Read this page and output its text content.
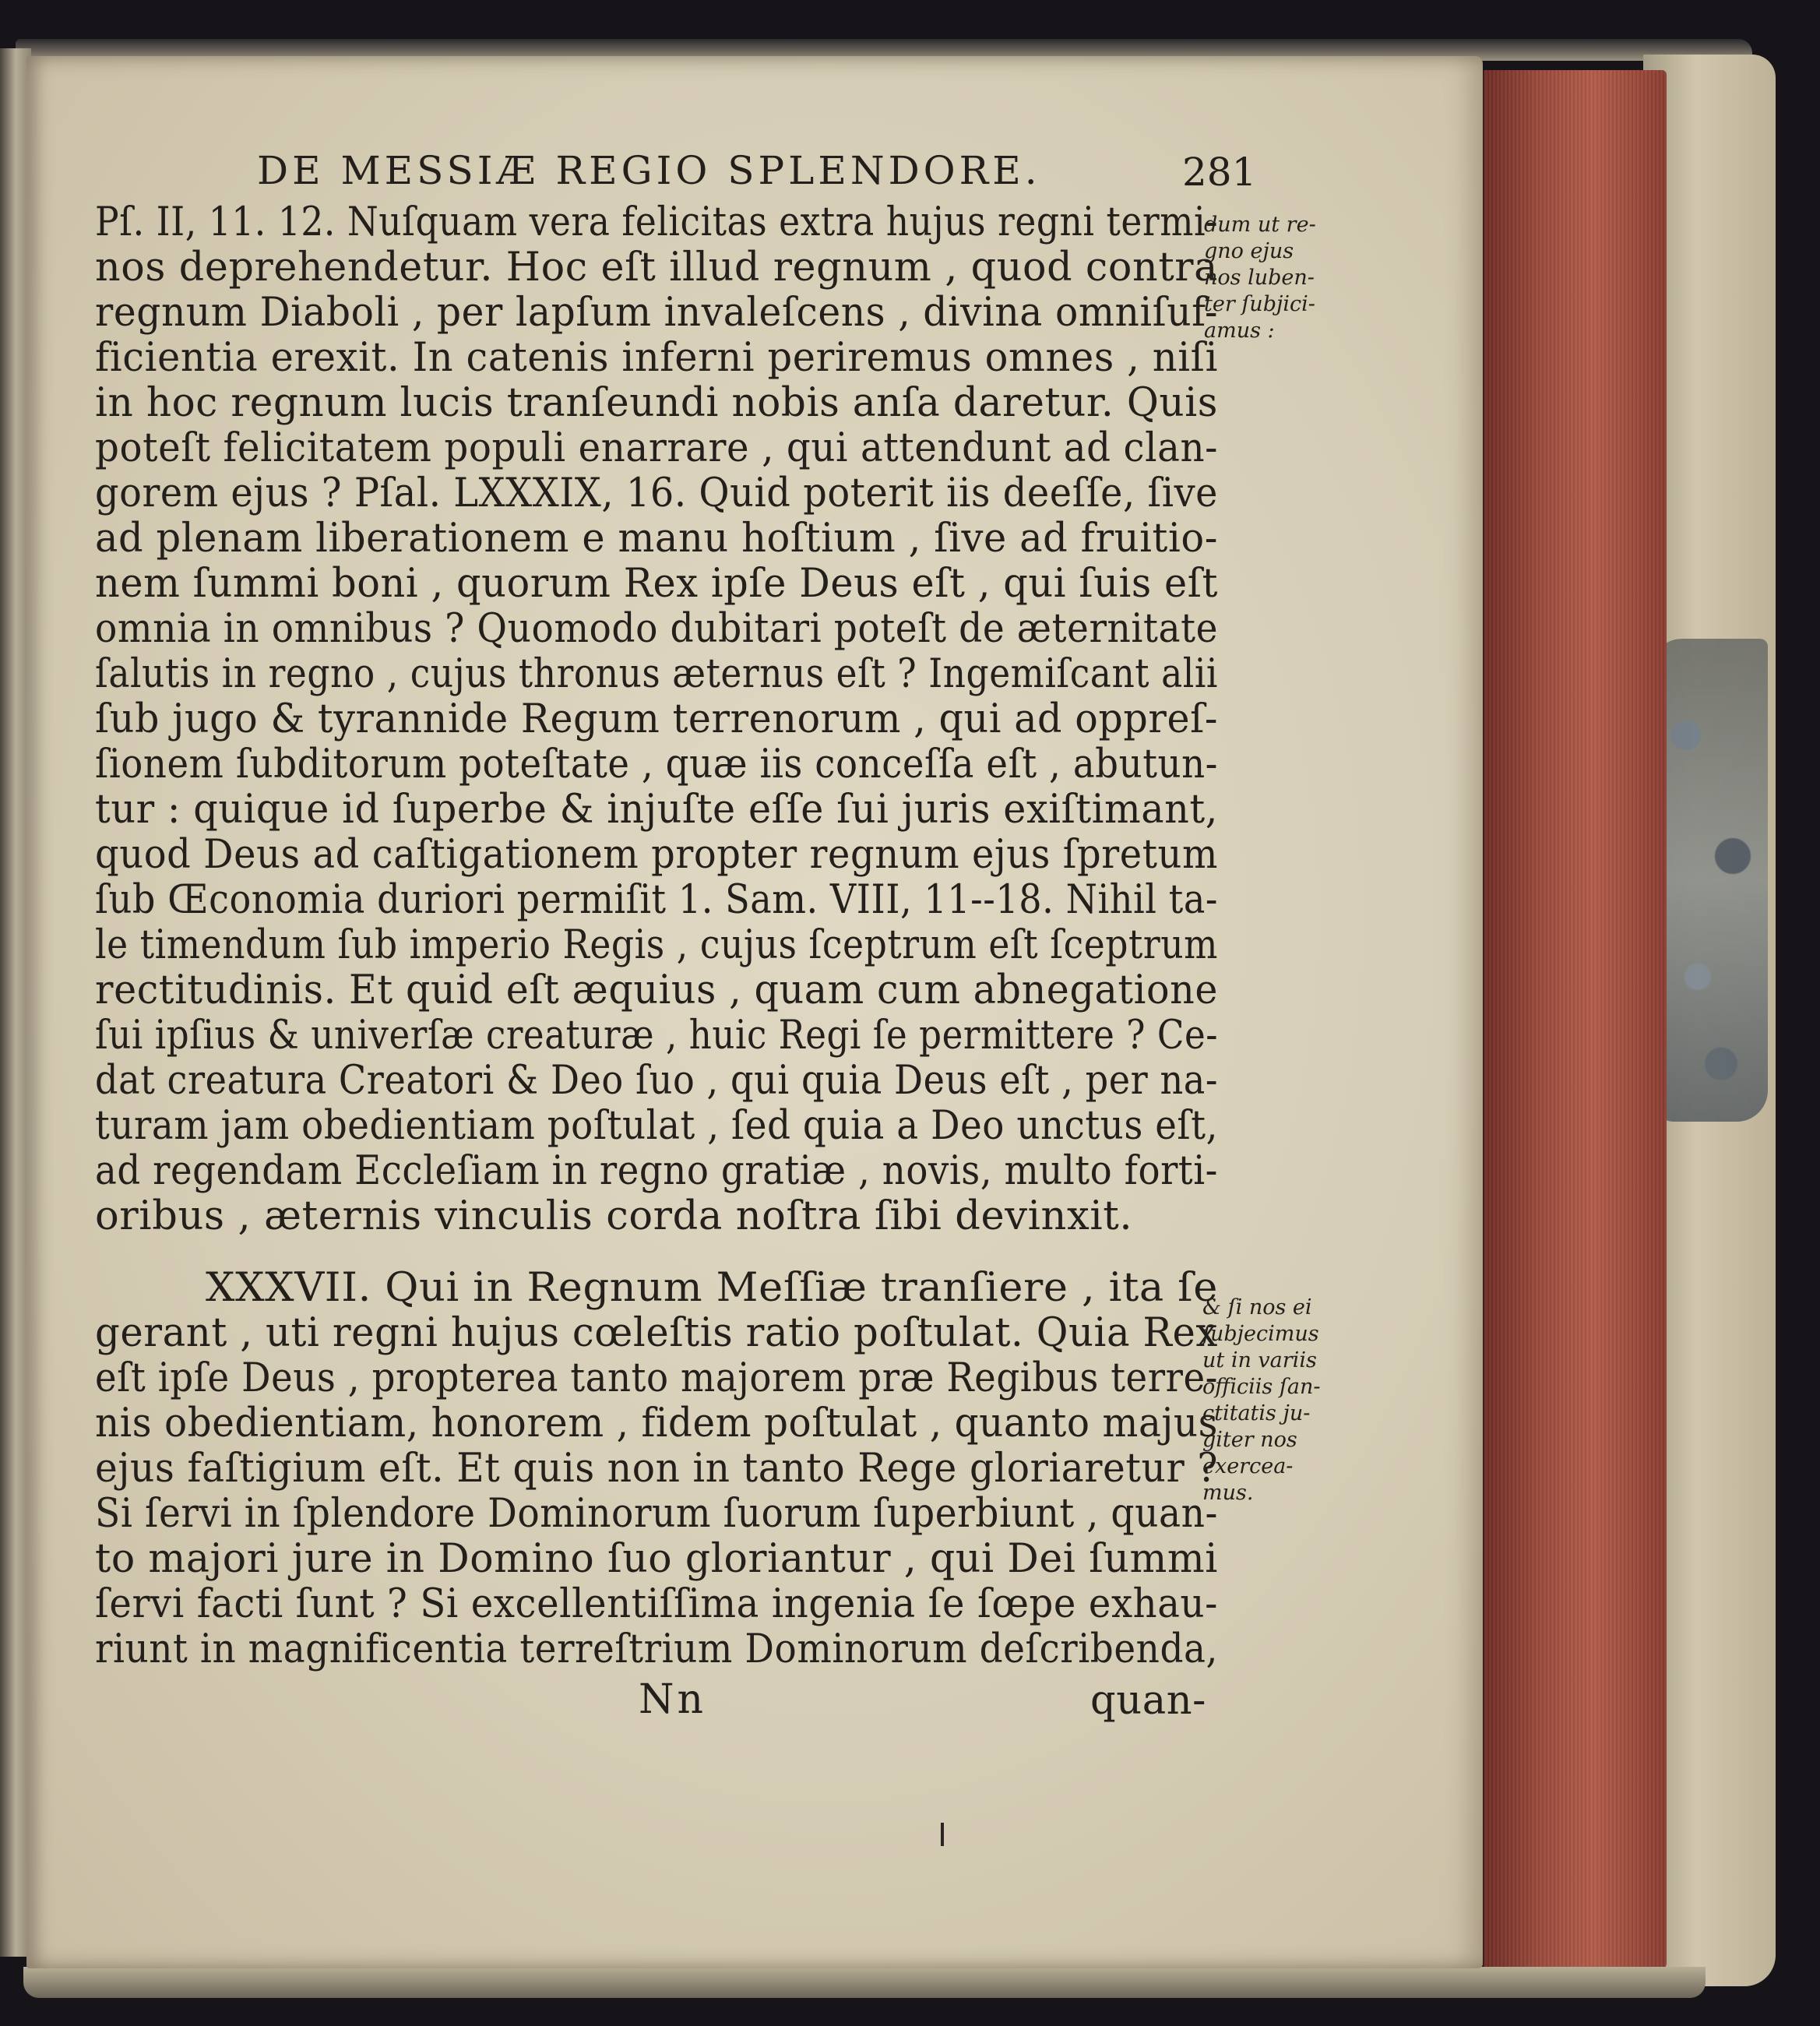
DE MESSIÆ REGIO SPLENDORE.	281
Pſ. II, 11. 12. Nuſquam vera felicitas extra hujus regni termi-
nos deprehendetur. Hoc eſt illud regnum , quod contra
regnum Diaboli , per lapſum invaleſcens , divina omniſuf-
ficientia erexit. In catenis inferni periremus omnes , niſi
in hoc regnum lucis tranſeundi nobis anſa daretur. Quis
poteſt felicitatem populi enarrare , qui attendunt ad clan-
gorem ejus ? Pſal. LXXXIX, 16. Quid poterit iis deeſſe, ſive
ad plenam liberationem e manu hoſtium , ſive ad fruitio-
nem ſummi boni , quorum Rex ipſe Deus eſt , qui ſuis eſt
omnia in omnibus ? Quomodo dubitari poteſt de æternitate
ſalutis in regno , cujus thronus æternus eſt ? Ingemiſcant alii
ſub jugo & tyrannide Regum terrenorum , qui ad oppreſ-
ſionem ſubditorum poteſtate , quæ iis conceſſa eſt , abutun-
tur : quique id ſuperbe & injuſte eſſe ſui juris exiſtimant,
quod Deus ad caſtigationem propter regnum ejus ſpretum
ſub Œconomia duriori permiſit 1. Sam. VIII, 11--18. Nihil ta-
le timendum ſub imperio Regis , cujus ſceptrum eſt ſceptrum
rectitudinis. Et quid eſt æquius , quam cum abnegatione
ſui ipſius & univerſæ creaturæ , huic Regi ſe permittere ? Ce-
dat creatura Creatori & Deo ſuo , qui quia Deus eſt , per na-
turam jam obedientiam poſtulat , ſed quia a Deo unctus eſt,
ad regendam Eccleſiam in regno gratiæ , novis, multo forti-
oribus , æternis vinculis corda noſtra ſibi devinxit.
XXXVII. Qui in Regnum Meſſiæ tranſiere , ita ſe
gerant , uti regni hujus cœleſtis ratio poſtulat. Quia Rex
eſt ipſe Deus , propterea tanto majorem præ Regibus terre-
nis obedientiam, honorem , fidem poſtulat , quanto majus
ejus faſtigium eſt. Et quis non in tanto Rege gloriaretur ?
Si ſervi in ſplendore Dominorum ſuorum ſuperbiunt , quan-
to majori jure in Domino ſuo gloriantur , qui Dei ſummi
ſervi facti ſunt ? Si excellentiſſima ingenia ſe ſœpe exhau-
riunt in magnificentia terreſtrium Dominorum deſcribenda,
dum ut re-
gno ejus
nos luben-
ter ſubjici-
amus :
& ſi nos ei
ſubjecimus
ut in variis
officiis ſan-
ctitatis ju-
giter nos
exercea-
mus.
Nn	quan-
